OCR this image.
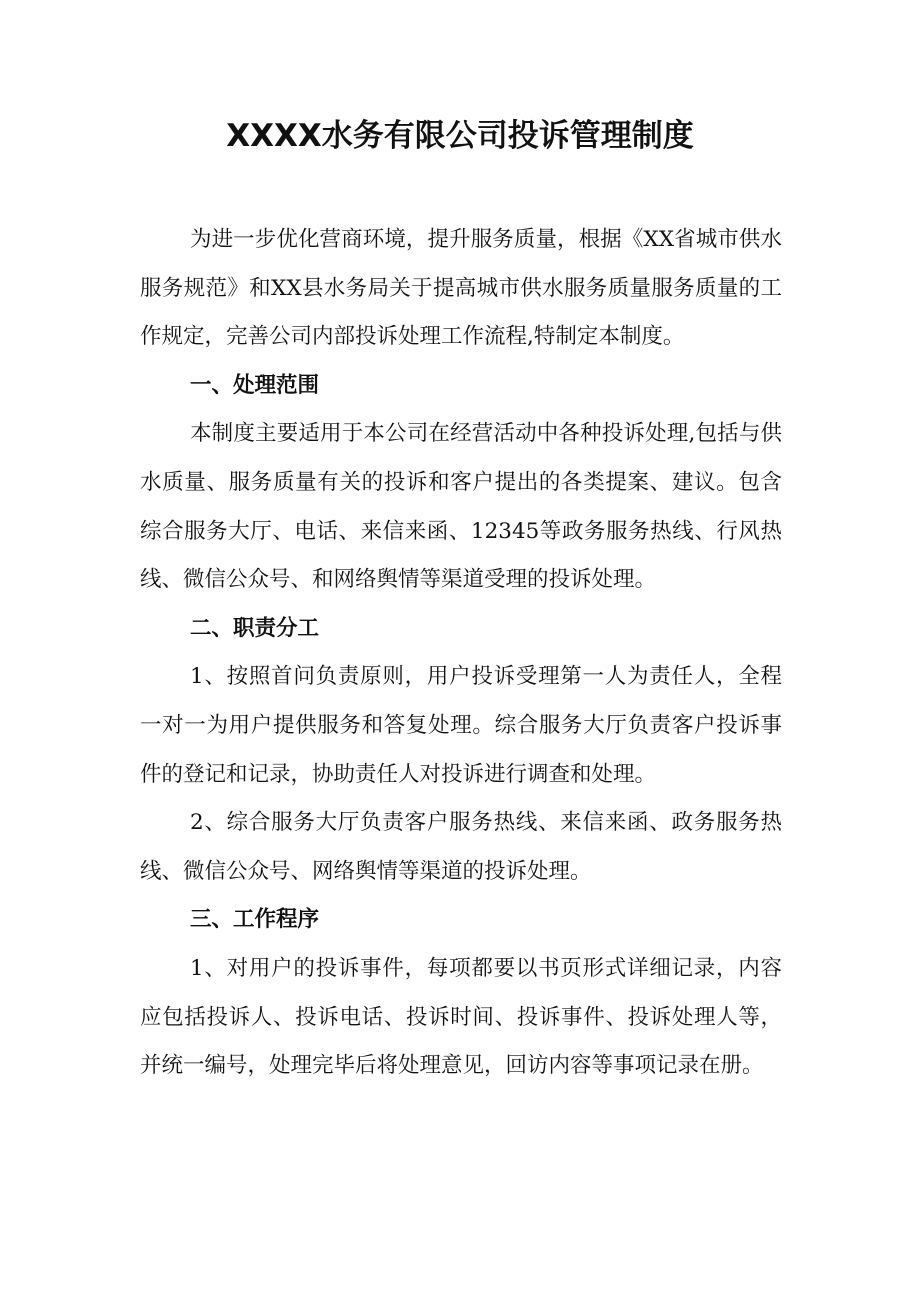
XXXX水务有限公司投诉管理制度

为进一步优化营商环境，提升服务质量，根据《XX省城市供水服务规范》和XX县水务局关于提高城市供水服务质量服务质量的工作规定，完善公司内部投诉处理工作流程,特制定本制度。

一、处理范围

本制度主要适用于本公司在经营活动中各种投诉处理,包括与供水质量、服务质量有关的投诉和客户提出的各类提案、建议。包含综合服务大厅、电话、来信来函、12345等政务服务热线、行风热线、微信公众号、和网络舆情等渠道受理的投诉处理。

二、职责分工

1、按照首问负责原则，用户投诉受理第一人为责任人，全程一对一为用户提供服务和答复处理。综合服务大厅负责客户投诉事件的登记和记录，协助责任人对投诉进行调查和处理。

2、综合服务大厅负责客户服务热线、来信来函、政务服务热线、微信公众号、网络舆情等渠道的投诉处理。

三、工作程序

1、对用户的投诉事件，每项都要以书页形式详细记录，内容应包括投诉人、投诉电话、投诉时间、投诉事件、投诉处理人等，并统一编号，处理完毕后将处理意见，回访内容等事项记录在册。
